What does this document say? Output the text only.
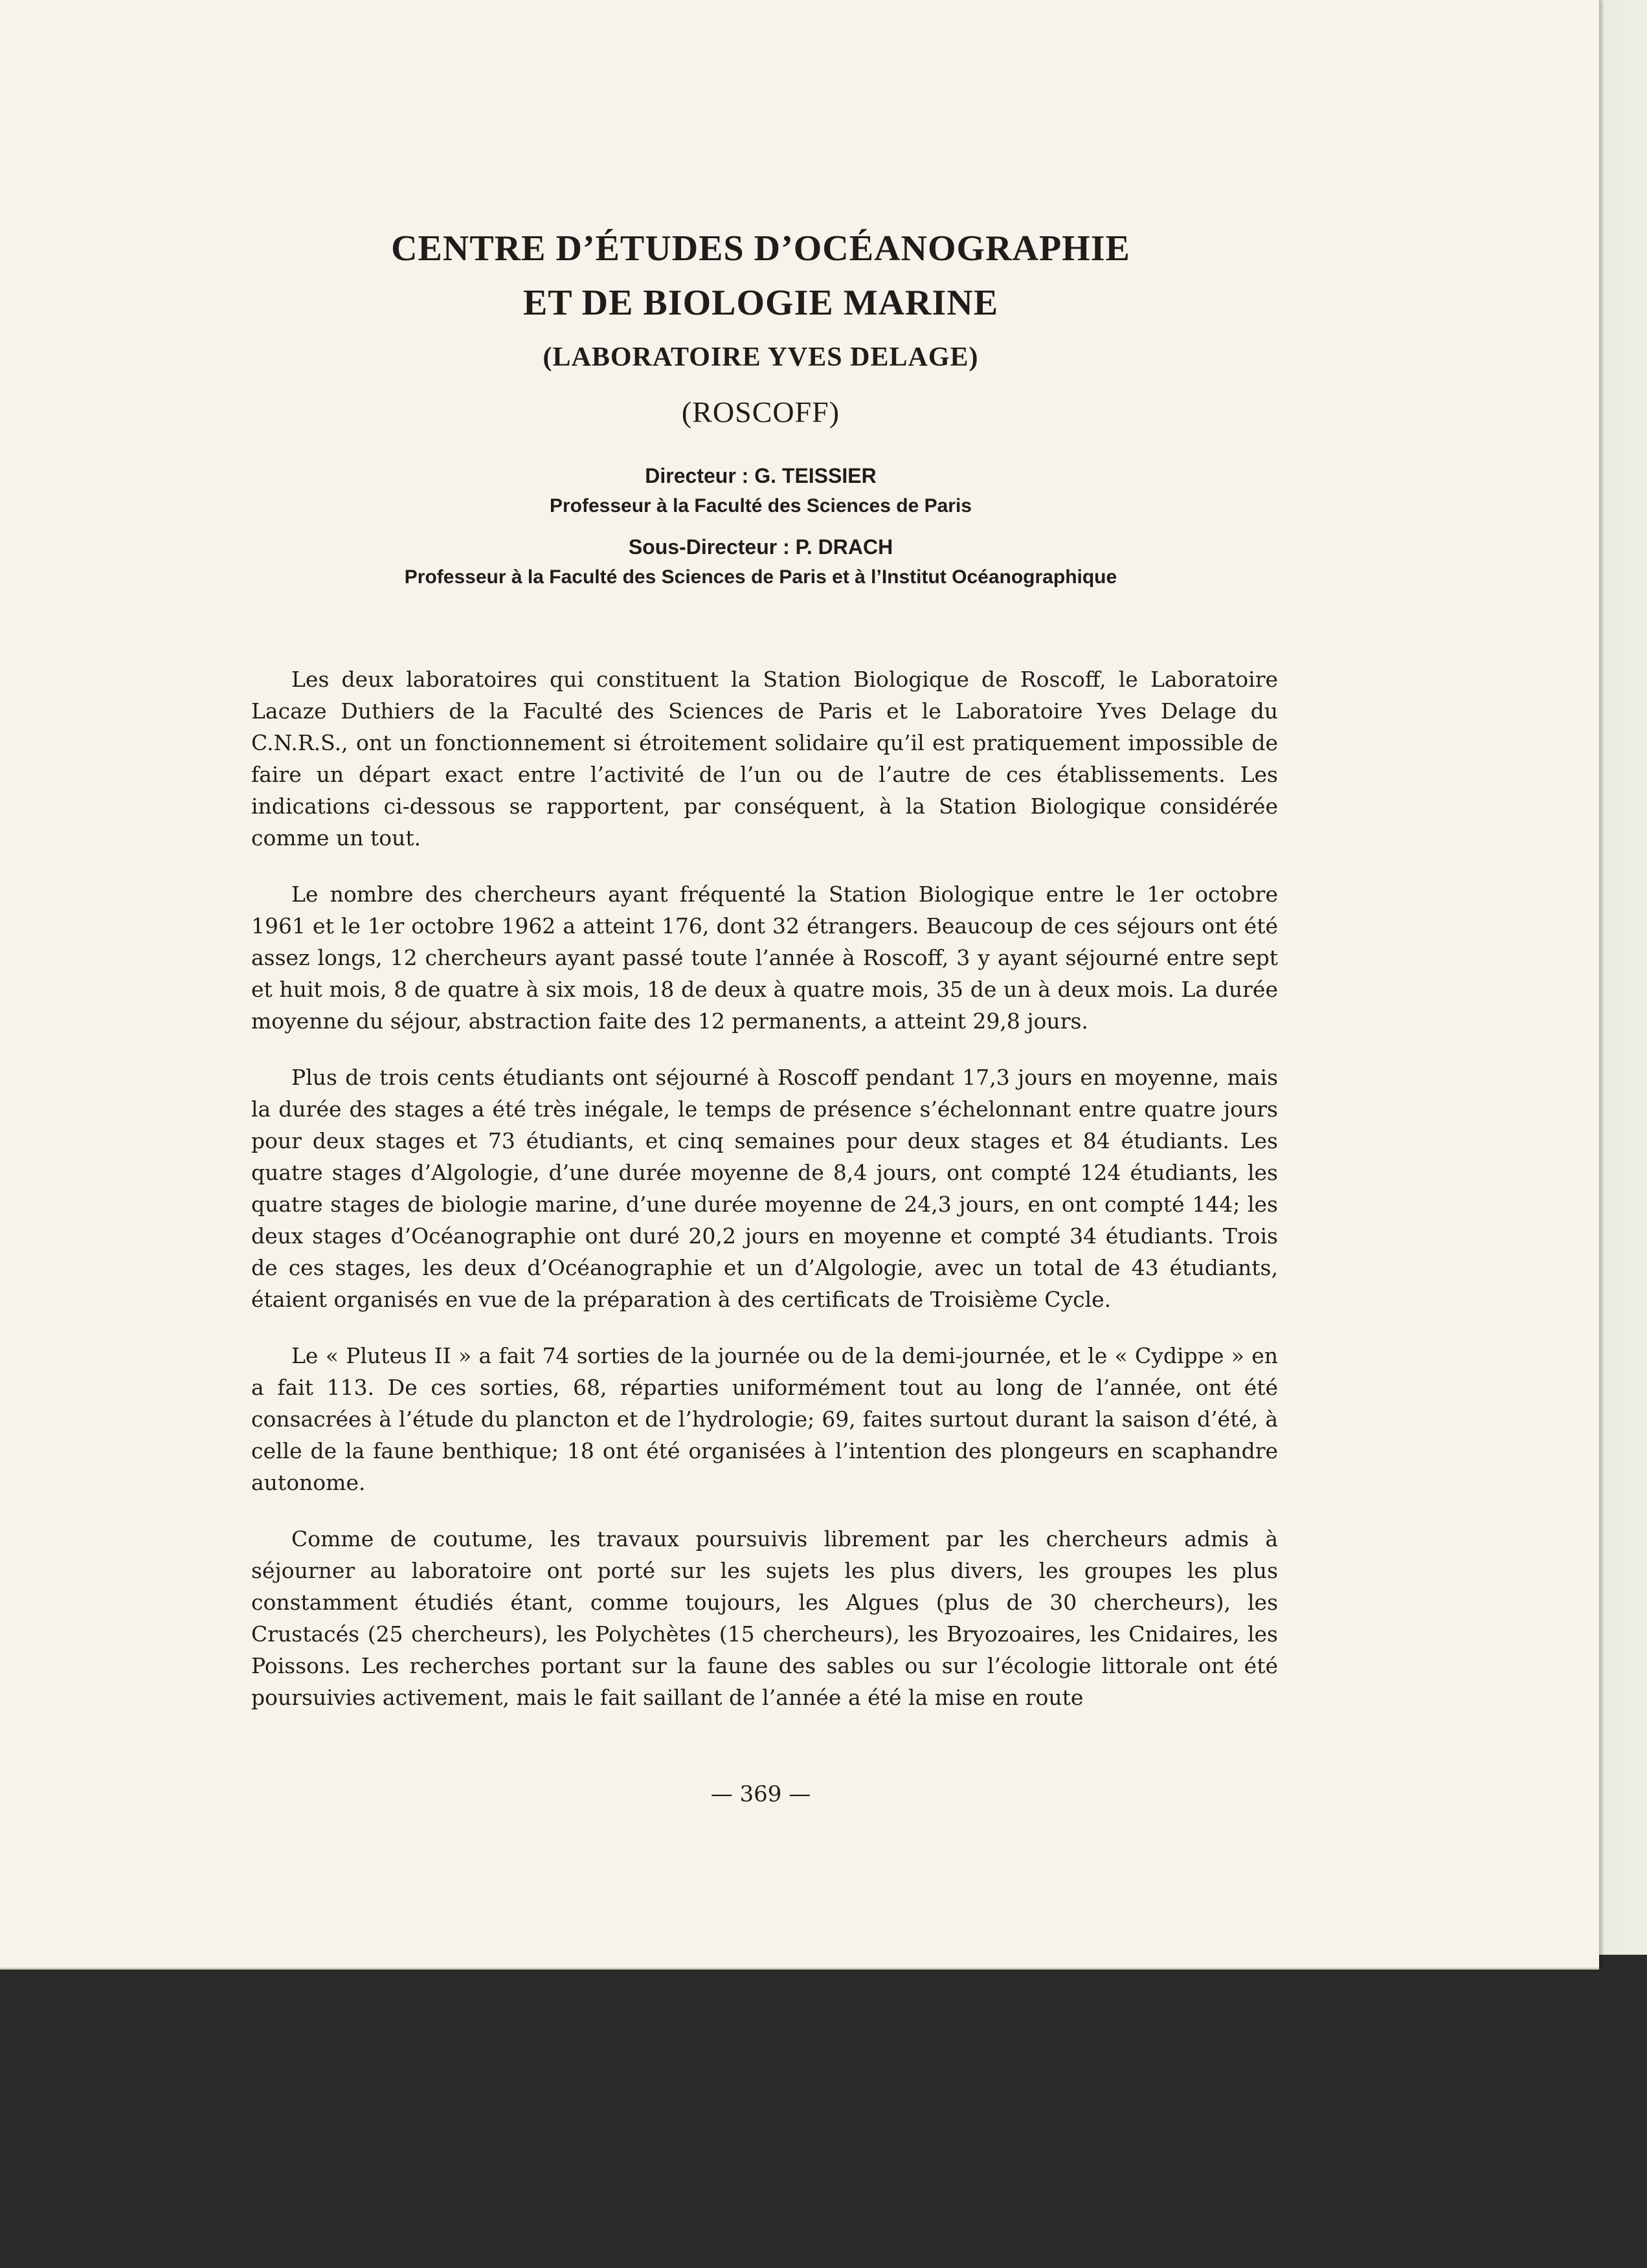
CENTRE D’ÉTUDES D’OCÉANOGRAPHIE
ET DE BIOLOGIE MARINE
(LABORATOIRE YVES DELAGE)
(ROSCOFF)
Directeur : G. TEISSIER
Professeur à la Faculté des Sciences de Paris
Sous-Directeur : P. DRACH
Professeur à la Faculté des Sciences de Paris et à l’Institut Océanographique

Les deux laboratoires qui constituent la Station Biologique de Roscoff, le Laboratoire Lacaze Duthiers de la Faculté des Sciences de Paris et le Laboratoire Yves Delage du C.N.R.S., ont un fonctionnement si étroitement solidaire qu’il est pratiquement impossible de faire un départ exact entre l’activité de l’un ou de l’autre de ces établissements. Les indications ci-dessous se rapportent, par conséquent, à la Station Biologique considérée comme un tout.

Le nombre des chercheurs ayant fréquenté la Station Biologique entre le 1er octobre 1961 et le 1er octobre 1962 a atteint 176, dont 32 étrangers. Beaucoup de ces séjours ont été assez longs, 12 chercheurs ayant passé toute l’année à Roscoff, 3 y ayant séjourné entre sept et huit mois, 8 de quatre à six mois, 18 de deux à quatre mois, 35 de un à deux mois. La durée moyenne du séjour, abstraction faite des 12 permanents, a atteint 29,8 jours.

Plus de trois cents étudiants ont séjourné à Roscoff pendant 17,3 jours en moyenne, mais la durée des stages a été très inégale, le temps de présence s’échelonnant entre quatre jours pour deux stages et 73 étudiants, et cinq semaines pour deux stages et 84 étudiants. Les quatre stages d’Algologie, d’une durée moyenne de 8,4 jours, ont compté 124 étudiants, les quatre stages de biologie marine, d’une durée moyenne de 24,3 jours, en ont compté 144; les deux stages d’Océanographie ont duré 20,2 jours en moyenne et compté 34 étudiants. Trois de ces stages, les deux d’Océanographie et un d’Algologie, avec un total de 43 étudiants, étaient organisés en vue de la préparation à des certificats de Troisième Cycle.

Le « Pluteus II » a fait 74 sorties de la journée ou de la demi-journée, et le « Cydippe » en a fait 113. De ces sorties, 68, réparties uniformément tout au long de l’année, ont été consacrées à l’étude du plancton et de l’hydrologie; 69, faites surtout durant la saison d’été, à celle de la faune benthique; 18 ont été organisées à l’intention des plongeurs en scaphandre autonome.

Comme de coutume, les travaux poursuivis librement par les chercheurs admis à séjourner au laboratoire ont porté sur les sujets les plus divers, les groupes les plus constamment étudiés étant, comme toujours, les Algues (plus de 30 chercheurs), les Crustacés (25 chercheurs), les Polychètes (15 chercheurs), les Bryozoaires, les Cnidaires, les Poissons. Les recherches portant sur la faune des sables ou sur l’écologie littorale ont été poursuivies activement, mais le fait saillant de l’année a été la mise en route

— 369 —
